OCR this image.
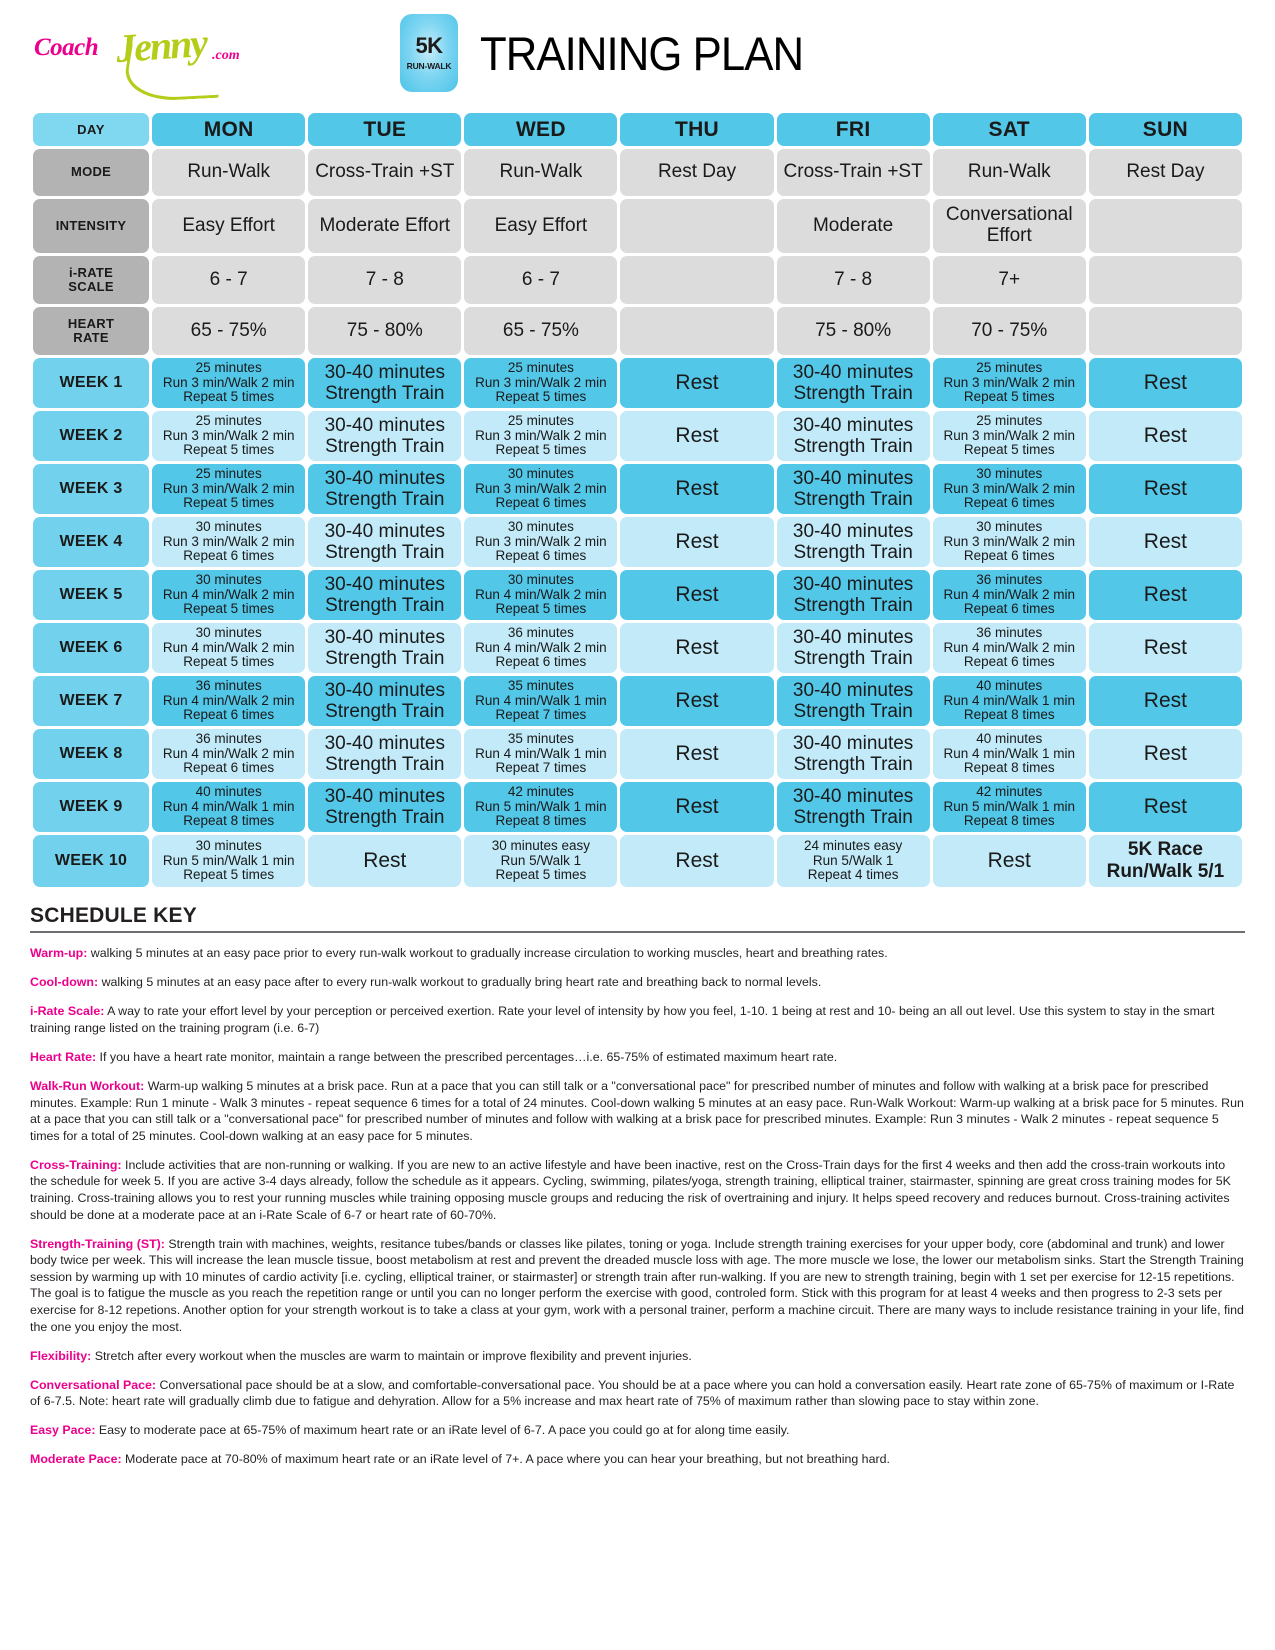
Coach Jenny .com	5K
RUN-WALK TRAINING PLAN
DAY	MON	TUE	WED	THU	FRI	SAT	SUN

MODE	Run-Walk	Cross-Train +ST	Run-Walk	Rest Day	Cross-Train +ST	Run-Walk	Rest Day

INTENSITY	Easy Effort	Moderate Effort	Easy Effort		Moderate	Conversational
Effort	

i-RATE
SCALE	6 - 7	7 - 8	6 - 7		7 - 8	7+	

HEART
RATE	65 - 75%	75 - 80%	65 - 75%		75 - 80%	70 - 75%	

WEEK 1	25 minutes
Run 3 min/Walk 2 min
Repeat 5 times	30-40 minutes
Strength Train	25 minutes
Run 3 min/Walk 2 min
Repeat 5 times	Rest	30-40 minutes
Strength Train	25 minutes
Run 3 min/Walk 2 min
Repeat 5 times	Rest

WEEK 2	25 minutes
Run 3 min/Walk 2 min
Repeat 5 times	30-40 minutes
Strength Train	25 minutes
Run 3 min/Walk 2 min
Repeat 5 times	Rest	30-40 minutes
Strength Train	25 minutes
Run 3 min/Walk 2 min
Repeat 5 times	Rest

WEEK 3	25 minutes
Run 3 min/Walk 2 min
Repeat 5 times	30-40 minutes
Strength Train	30 minutes
Run 3 min/Walk 2 min
Repeat 6 times	Rest	30-40 minutes
Strength Train	30 minutes
Run 3 min/Walk 2 min
Repeat 6 times	Rest

WEEK 4	30 minutes
Run 3 min/Walk 2 min
Repeat 6 times	30-40 minutes
Strength Train	30 minutes
Run 3 min/Walk 2 min
Repeat 6 times	Rest	30-40 minutes
Strength Train	30 minutes
Run 3 min/Walk 2 min
Repeat 6 times	Rest

WEEK 5	30 minutes
Run 4 min/Walk 2 min
Repeat 5 times	30-40 minutes
Strength Train	30 minutes
Run 4 min/Walk 2 min
Repeat 5 times	Rest	30-40 minutes
Strength Train	36 minutes
Run 4 min/Walk 2 min
Repeat 6 times	Rest

WEEK 6	30 minutes
Run 4 min/Walk 2 min
Repeat 5 times	30-40 minutes
Strength Train	36 minutes
Run 4 min/Walk 2 min
Repeat 6 times	Rest	30-40 minutes
Strength Train	36 minutes
Run 4 min/Walk 2 min
Repeat 6 times	Rest

WEEK 7	36 minutes
Run 4 min/Walk 2 min
Repeat 6 times	30-40 minutes
Strength Train	35 minutes
Run 4 min/Walk 1 min
Repeat 7 times	Rest	30-40 minutes
Strength Train	40 minutes
Run 4 min/Walk 1 min
Repeat 8 times	Rest

WEEK 8	36 minutes
Run 4 min/Walk 2 min
Repeat 6 times	30-40 minutes
Strength Train	35 minutes
Run 4 min/Walk 1 min
Repeat 7 times	Rest	30-40 minutes
Strength Train	40 minutes
Run 4 min/Walk 1 min
Repeat 8 times	Rest

WEEK 9	40 minutes
Run 4 min/Walk 1 min
Repeat 8 times	30-40 minutes
Strength Train	42 minutes
Run 5 min/Walk 1 min
Repeat 8 times	Rest	30-40 minutes
Strength Train	42 minutes
Run 5 min/Walk 1 min
Repeat 8 times	Rest

WEEK 10	30 minutes
Run 5 min/Walk 1 min
Repeat 5 times	Rest	30 minutes easy
Run 5/Walk 1
Repeat 5 times	Rest	24 minutes easy
Run 5/Walk 1
Repeat 4 times	Rest	5K Race
Run/Walk 5/1
SCHEDULE KEY

Warm-up: walking 5 minutes at an easy pace prior to every run-walk workout to gradually increase circulation to working muscles, heart and breathing rates.

Cool-down: walking 5 minutes at an easy pace after to every run-walk workout to gradually bring heart rate and breathing back to normal levels.

i-Rate Scale: A way to rate your effort level by your perception or perceived exertion. Rate your level of intensity by how you feel, 1-10. 1 being at rest and 10- being an all out level. Use this system to stay in the smart training range listed on the training program (i.e. 6-7)

Heart Rate: If you have a heart rate monitor, maintain a range between the prescribed percentages…i.e. 65-75% of estimated maximum heart rate.

Walk-Run Workout: Warm-up walking 5 minutes at a brisk pace. Run at a pace that you can still talk or a "conversational pace" for prescribed number of minutes and follow with walking at a brisk pace for prescribed minutes. Example: Run 1 minute - Walk 3 minutes - repeat sequence 6 times for a total of 24 minutes. Cool-down walking 5 minutes at an easy pace. Run-Walk Workout: Warm-up walking at a brisk pace for 5 minutes. Run at a pace that you can still talk or a "conversational pace" for prescribed number of minutes and follow with walking at a brisk pace for prescribed minutes. Example: Run 3 minutes - Walk 2 minutes - repeat sequence 5 times for a total of 25 minutes. Cool-down walking at an easy pace for 5 minutes.

Cross-Training: Include activities that are non-running or walking. If you are new to an active lifestyle and have been inactive, rest on the Cross-Train days for the first 4 weeks and then add the cross-train workouts into the schedule for week 5. If you are active 3-4 days already, follow the schedule as it appears. Cycling, swimming, pilates/yoga, strength training, elliptical trainer, stairmaster, spinning are great cross training modes for 5K training. Cross-training allows you to rest your running muscles while training opposing muscle groups and reducing the risk of overtraining and injury. It helps speed recovery and reduces burnout. Cross-training activites should be done at a moderate pace at an i-Rate Scale of 6-7 or heart rate of 60-70%.

Strength-Training (ST): Strength train with machines, weights, resitance tubes/bands or classes like pilates, toning or yoga. Include strength training exercises for your upper body, core (abdominal and trunk) and lower body twice per week. This will increase the lean muscle tissue, boost metabolism at rest and prevent the dreaded muscle loss with age. The more muscle we lose, the lower our metabolism sinks. Start the Strength Training session by warming up with 10 minutes of cardio activity [i.e. cycling, elliptical trainer, or stairmaster] or strength train after run-walking. If you are new to strength training, begin with 1 set per exercise for 12-15 repetitions. The goal is to fatigue the muscle as you reach the repetition range or until you can no longer perform the exercise with good, controled form. Stick with this program for at least 4 weeks and then progress to 2-3 sets per exercise for 8-12 repetions. Another option for your strength workout is to take a class at your gym, work with a personal trainer, perform a machine circuit. There are many ways to include resistance training in your life, find the one you enjoy the most.

Flexibility: Stretch after every workout when the muscles are warm to maintain or improve flexibility and prevent injuries.

Conversational Pace: Conversational pace should be at a slow, and comfortable-conversational pace. You should be at a pace where you can hold a conversation easily. Heart rate zone of 65-75% of maximum or I-Rate of 6-7.5. Note: heart rate will gradually climb due to fatigue and dehyration. Allow for a 5% increase and max heart rate of 75% of maximum rather than slowing pace to stay within zone.

Easy Pace: Easy to moderate pace at 65-75% of maximum heart rate or an iRate level of 6-7. A pace you could go at for along time easily.

Moderate Pace: Moderate pace at 70-80% of maximum heart rate or an iRate level of 7+. A pace where you can hear your breathing, but not breathing hard.
